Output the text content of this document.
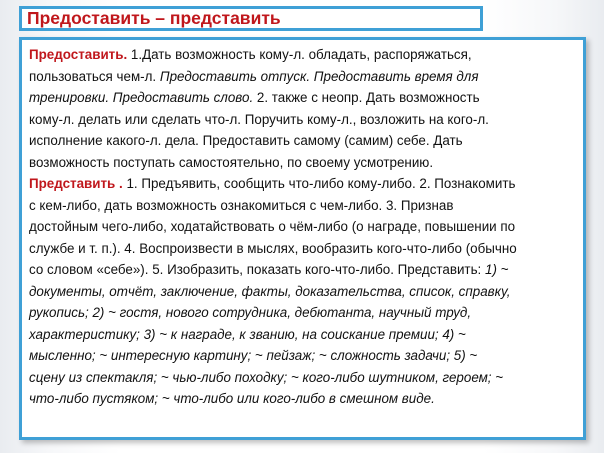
Предоставить – представить
Предоставить. 1.Дать возможность кому-л. обладать, распоряжаться,
пользоваться чем-л. Предоставить отпуск. Предоставить время для
тренировки. Предоставить слово. 2. также с неопр. Дать возможность
кому-л. делать или сделать что-л. Поручить кому-л., возложить на кого-л.
исполнение какого-л. дела. Предоставить самому (самим) себе. Дать
возможность поступать самостоятельно, по своему усмотрению.
Представить . 1. Предъявить, сообщить что-либо кому-либо. 2. Познакомить
с кем-либо, дать возможность ознакомиться с чем-либо. 3. Признав
достойным чего-либо, ходатайствовать о чём-либо (о награде, повышении по
службе и т. п.). 4. Воспроизвести в мыслях, вообразить кого-что-либо (обычно
со словом «себе»). 5. Изобразить, показать кого-что-либо. Представить: 1) ~
документы, отчёт, заключение, факты, доказательства, список, справку,
рукопись; 2) ~ гостя, нового сотрудника, дебютанта, научный труд,
характеристику; 3) ~ к награде, к званию, на соискание премии; 4) ~
мысленно; ~ интересную картину; ~ пейзаж; ~ сложность задачи; 5) ~
сцену из спектакля; ~ чью-либо походку; ~ кого-либо шутником, героем; ~
что-либо пустяком; ~ что-либо или кого-либо в смешном виде.
